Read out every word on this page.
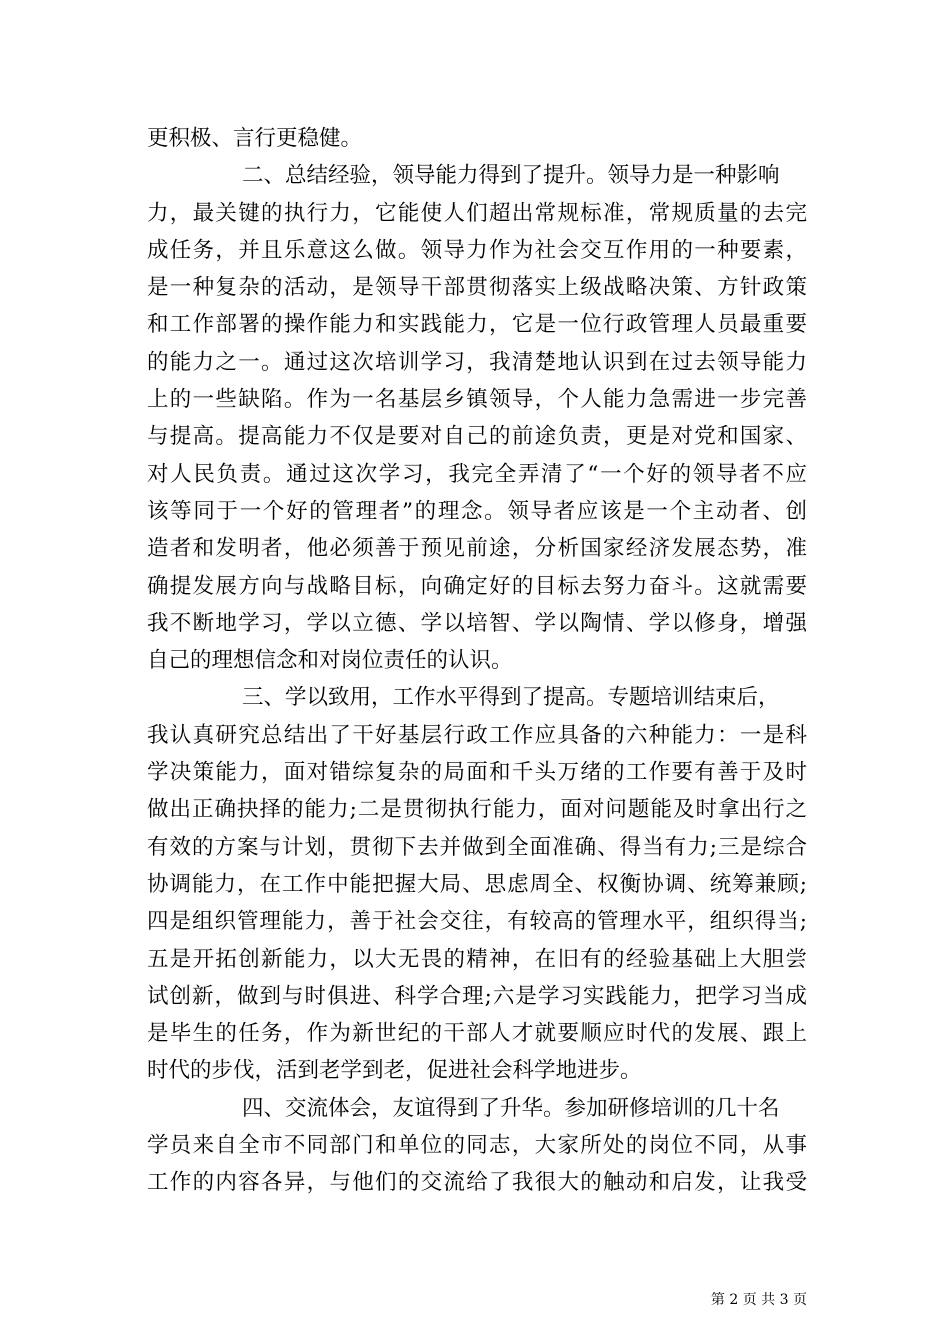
更积极、言行更稳健。
二、总结经验，领导能力得到了提升。领导力是一种影响
力，最关键的执行力，它能使人们超出常规标准，常规质量的去完
成任务，并且乐意这么做。领导力作为社会交互作用的一种要素，
是一种复杂的活动，是领导干部贯彻落实上级战略决策、方针政策
和工作部署的操作能力和实践能力，它是一位行政管理人员最重要
的能力之一。通过这次培训学习，我清楚地认识到在过去领导能力
上的一些缺陷。作为一名基层乡镇领导，个人能力急需进一步完善
与提高。提高能力不仅是要对自己的前途负责，更是对党和国家、
对人民负责。通过这次学习，我完全弄清了“一个好的领导者不应
该等同于一个好的管理者”的理念。领导者应该是一个主动者、创
造者和发明者，他必须善于预见前途，分析国家经济发展态势，准
确提发展方向与战略目标，向确定好的目标去努力奋斗。这就需要
我不断地学习，学以立德、学以培智、学以陶情、学以修身，增强
自己的理想信念和对岗位责任的认识。
三、学以致用，工作水平得到了提高。专题培训结束后，
我认真研究总结出了干好基层行政工作应具备的六种能力：一是科
学决策能力，面对错综复杂的局面和千头万绪的工作要有善于及时
做出正确抉择的能力;二是贯彻执行能力，面对问题能及时拿出行之
有效的方案与计划，贯彻下去并做到全面准确、得当有力;三是综合
协调能力，在工作中能把握大局、思虑周全、权衡协调、统筹兼顾;
四是组织管理能力，善于社会交往，有较高的管理水平，组织得当;
五是开拓创新能力，以大无畏的精神，在旧有的经验基础上大胆尝
试创新，做到与时俱进、科学合理;六是学习实践能力，把学习当成
是毕生的任务，作为新世纪的干部人才就要顺应时代的发展、跟上
时代的步伐，活到老学到老，促进社会科学地进步。
四、交流体会，友谊得到了升华。参加研修培训的几十名
学员来自全市不同部门和单位的同志，大家所处的岗位不同，从事
工作的内容各异，与他们的交流给了我很大的触动和启发，让我受
第 2 页 共 3 页
